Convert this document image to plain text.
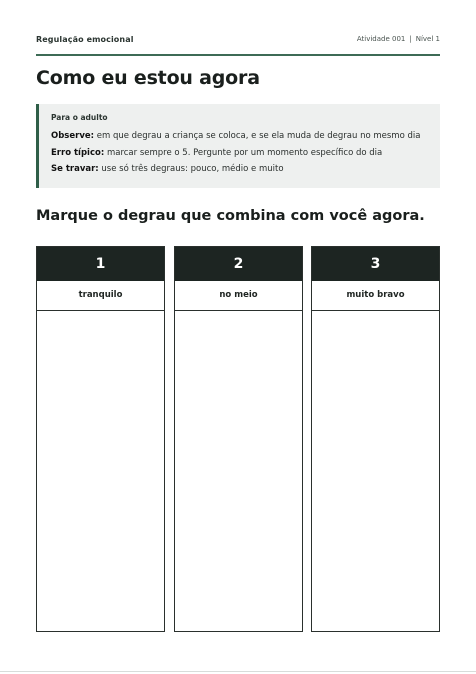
Regulação emocional	Atividade 001 | Nível 1
Como eu estou agora
Para o adulto
Observe: em que degrau a criança se coloca, e se ela muda de degrau no mesmo dia
Erro típico: marcar sempre o 5. Pergunte por um momento específico do dia
Se travar: use só três degraus: pouco, médio e muito
Marque o degrau que combina com você agora.
1
tranquilo
2
no meio
3
muito bravo
